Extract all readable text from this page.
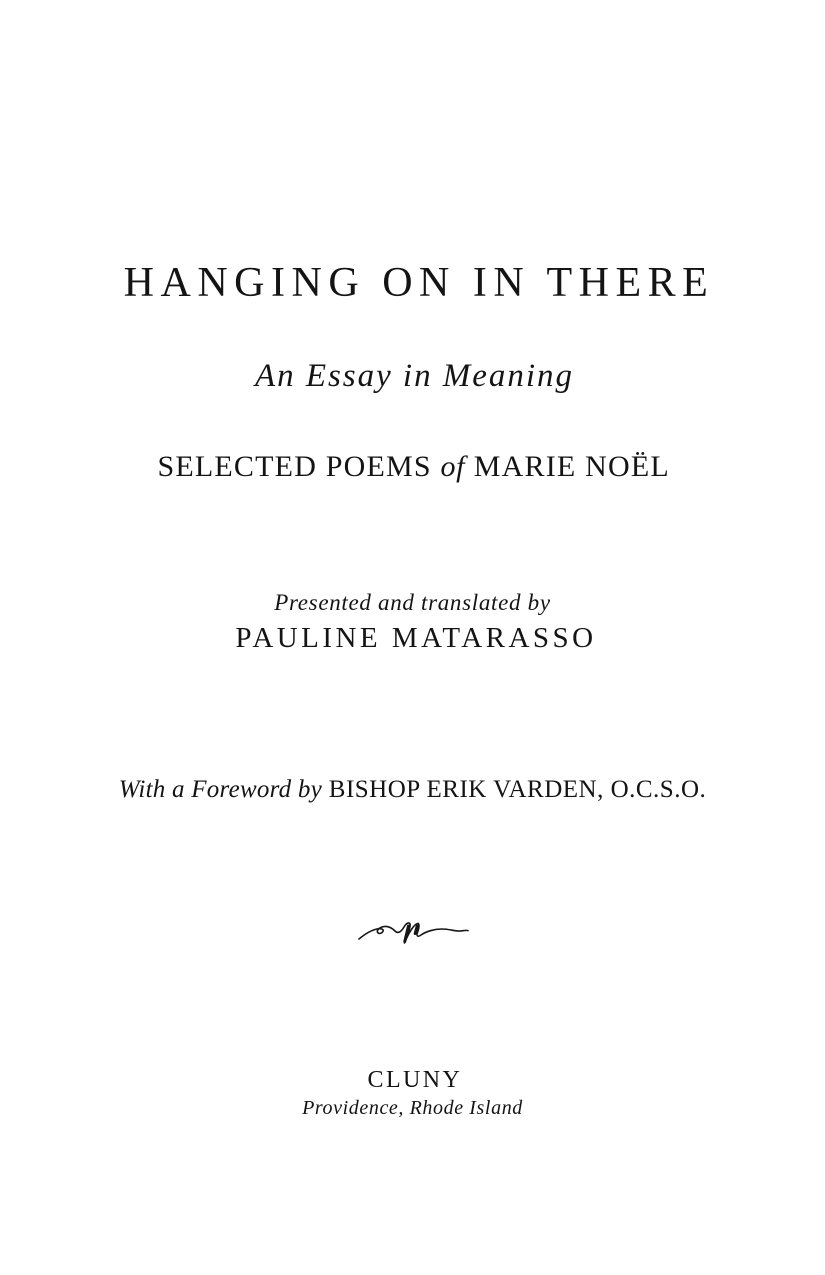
HANGING ON IN THERE
An Essay in Meaning
SELECTED POEMS of MARIE NOËL
Presented and translated by
PAULINE MATARASSO
With a Foreword by BISHOP ERIK VARDEN, O.C.S.O.
CLUNY
Providence, Rhode Island
